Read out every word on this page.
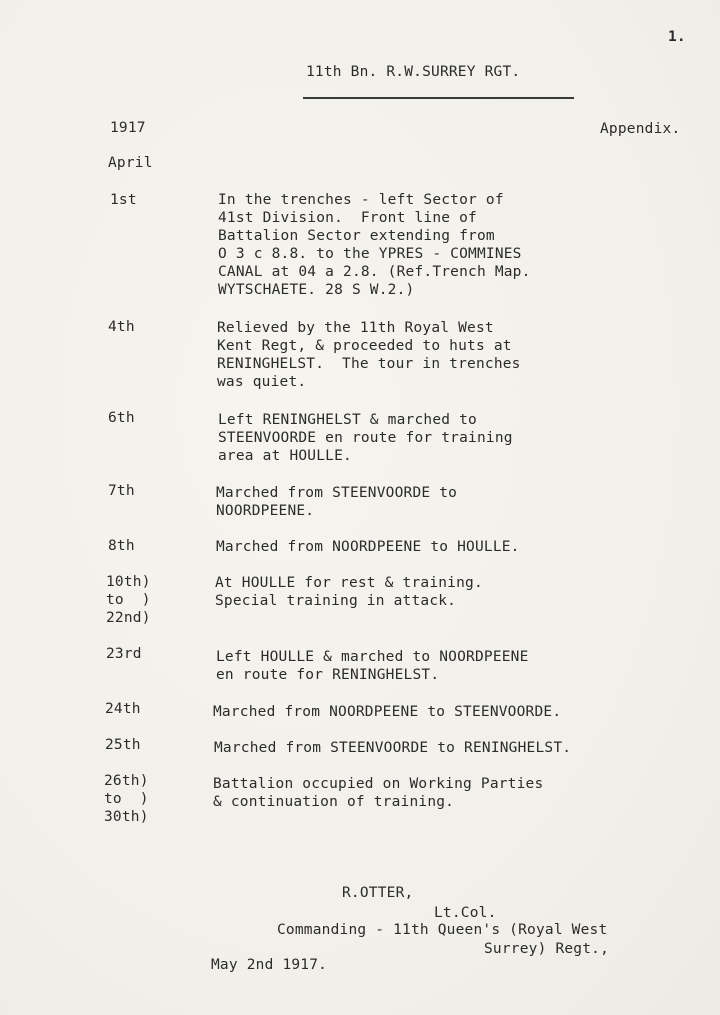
1.
11th Bn. R.W.SURREY RGT.
1917	Appendix.
April
1st	In the trenches - left Sector of
41st Division.  Front line of
Battalion Sector extending from
O 3 c 8.8. to the YPRES - COMMINES
CANAL at 04 a 2.8. (Ref.Trench Map.
WYTSCHAETE. 28 S W.2.)
4th	Relieved by the 11th Royal West
Kent Regt, & proceeded to huts at
RENINGHELST.  The tour in trenches
was quiet.
6th	Left RENINGHELST & marched to
STEENVOORDE en route for training
area at HOULLE.
7th	Marched from STEENVOORDE to
NOORDPEENE.
8th	Marched from NOORDPEENE to HOULLE.
10th)
to  )
22nd)
At HOULLE for rest & training.
Special training in attack.
23rd	Left HOULLE & marched to NOORDPEENE
en route for RENINGHELST.
24th	Marched from NOORDPEENE to STEENVOORDE.
25th	Marched from STEENVOORDE to RENINGHELST.
26th)
to  )
30th)
Battalion occupied on Working Parties
& continuation of training.
R.OTTER,
Lt.Col.
Commanding - 11th Queen's (Royal West
Surrey) Regt.,
May 2nd 1917.
